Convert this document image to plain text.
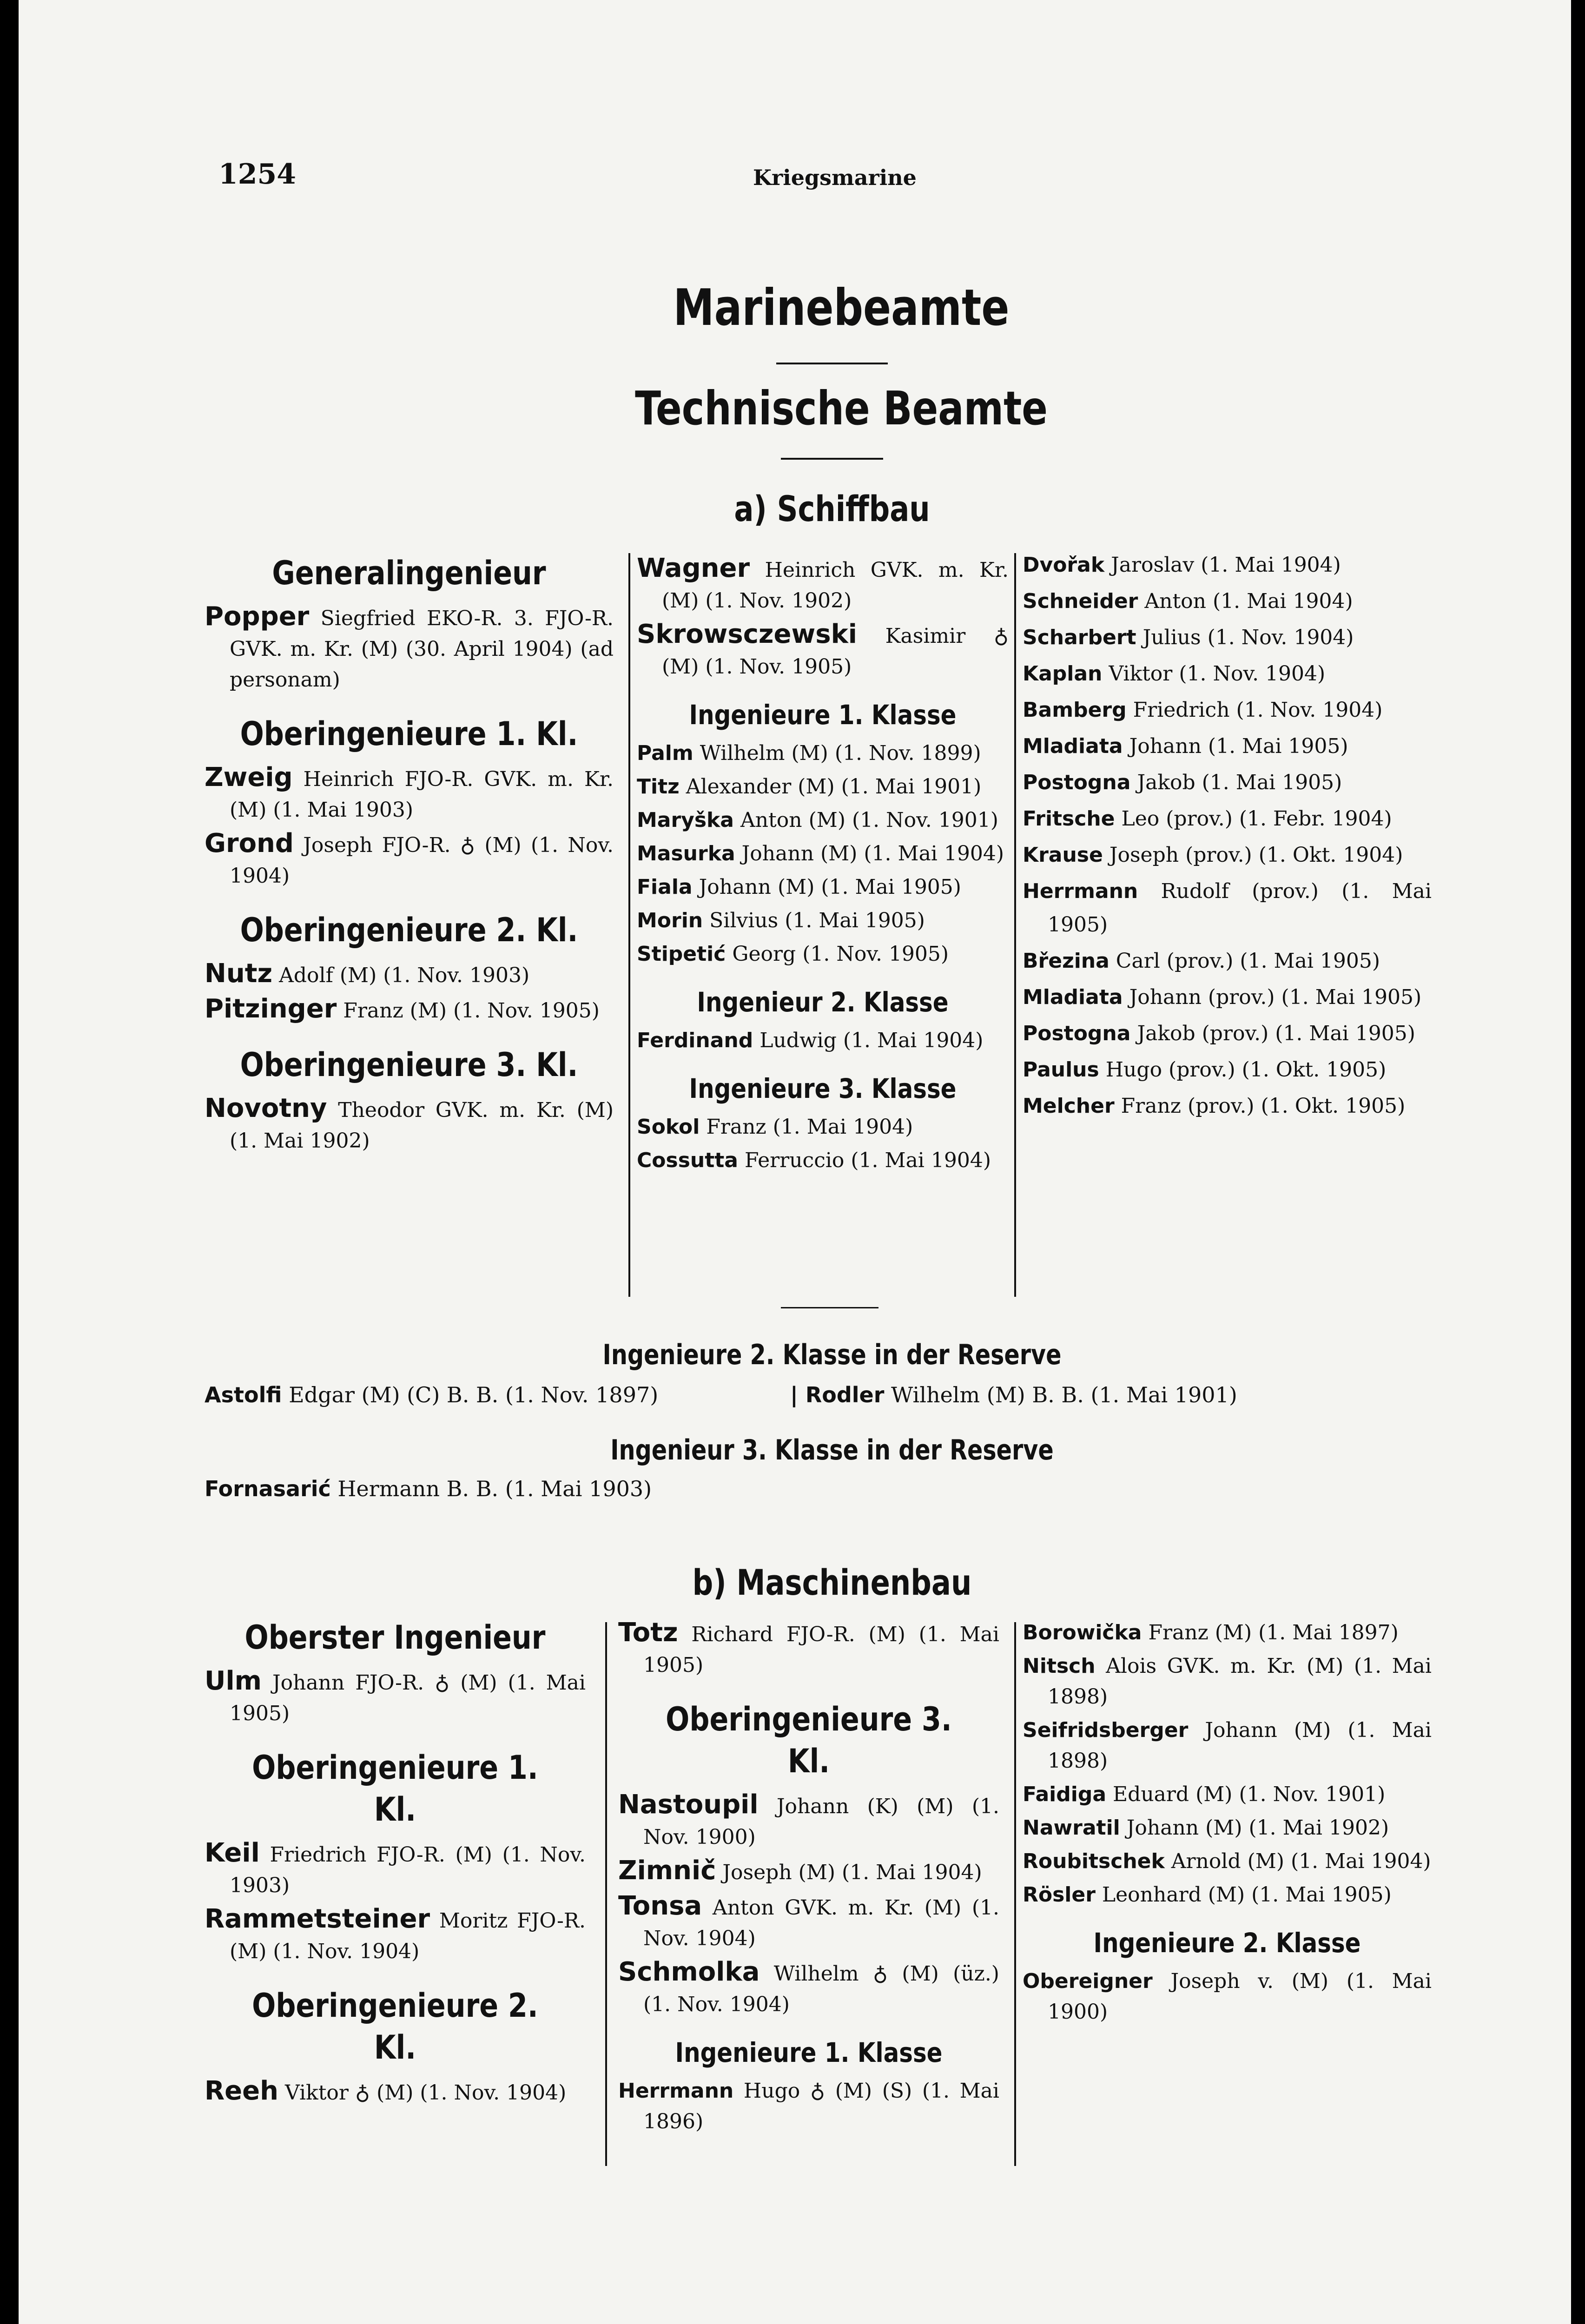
1254	Kriegsmarine
Marinebeamte
Technische Beamte
a) Schiffbau
Generalingenieur
Popper Siegfried EKO-R. 3. FJO-R. GVK. m. Kr. (M) (30. April 1904) (ad personam)
Oberingenieure 1. Kl.
Zweig Heinrich FJO-R. GVK. m. Kr. (M) (1. Mai 1903)
Grond Joseph FJO-R. ♁ (M) (1. Nov. 1904)
Oberingenieure 2. Kl.
Nutz Adolf (M) (1. Nov. 1903)
Pitzinger Franz (M) (1. Nov. 1905)
Oberingenieure 3. Kl.
Novotny Theodor GVK. m. Kr. (M) (1. Mai 1902)
Wagner Heinrich GVK. m. Kr. (M) (1. Nov. 1902)
Skrowsczewski Kasimir ♁ (M) (1. Nov. 1905)
Ingenieure 1. Klasse
Palm Wilhelm (M) (1. Nov. 1899)
Titz Alexander (M) (1. Mai 1901)
Maryška Anton (M) (1. Nov. 1901)
Masurka Johann (M) (1. Mai 1904)
Fiala Johann (M) (1. Mai 1905)
Morin Silvius (1. Mai 1905)
Stipetić Georg (1. Nov. 1905)
Ingenieur 2. Klasse
Ferdinand Ludwig (1. Mai 1904)
Ingenieure 3. Klasse
Sokol Franz (1. Mai 1904)
Cossutta Ferruccio (1. Mai 1904)
Dvořak Jaroslav (1. Mai 1904)
Schneider Anton (1. Mai 1904)
Scharbert Julius (1. Nov. 1904)
Kaplan Viktor (1. Nov. 1904)
Bamberg Friedrich (1. Nov. 1904)
Mladiata Johann (1. Mai 1905)
Postogna Jakob (1. Mai 1905)
Fritsche Leo (prov.) (1. Febr. 1904)
Krause Joseph (prov.) (1. Okt. 1904)
Herrmann Rudolf (prov.) (1. Mai 1905)
Březina Carl (prov.) (1. Mai 1905)
Mladiata Johann (prov.) (1. Mai 1905)
Postogna Jakob (prov.) (1. Mai 1905)
Paulus Hugo (prov.) (1. Okt. 1905)
Melcher Franz (prov.) (1. Okt. 1905)
Ingenieure 2. Klasse in der Reserve
Astolfi Edgar (M) (C) B. B. (1. Nov. 1897)	| Rodler Wilhelm (M) B. B. (1. Mai 1901)
Ingenieur 3. Klasse in der Reserve
Fornasarić Hermann B. B. (1. Mai 1903)
b) Maschinenbau
Oberster Ingenieur
Ulm Johann FJO-R. ♁ (M) (1. Mai 1905)
Oberingenieure 1. Kl.
Keil Friedrich FJO-R. (M) (1. Nov. 1903)
Rammetsteiner Moritz FJO-R. (M) (1. Nov. 1904)
Oberingenieure 2. Kl.
Reeh Viktor ♁ (M) (1. Nov. 1904)
Totz Richard FJO-R. (M) (1. Mai 1905)
Oberingenieure 3. Kl.
Nastoupil Johann (K) (M) (1. Nov. 1900)
Zimnič Joseph (M) (1. Mai 1904)
Tonsa Anton GVK. m. Kr. (M) (1. Nov. 1904)
Schmolka Wilhelm ♁ (M) (üz.) (1. Nov. 1904)
Ingenieure 1. Klasse
Herrmann Hugo ♁ (M) (S) (1. Mai 1896)
Borowička Franz (M) (1. Mai 1897)
Nitsch Alois GVK. m. Kr. (M) (1. Mai 1898)
Seifridsberger Johann (M) (1. Mai 1898)
Faidiga Eduard (M) (1. Nov. 1901)
Nawratil Johann (M) (1. Mai 1902)
Roubitschek Arnold (M) (1. Mai 1904)
Rösler Leonhard (M) (1. Mai 1905)
Ingenieure 2. Klasse
Obereigner Joseph v. (M) (1. Mai 1900)
